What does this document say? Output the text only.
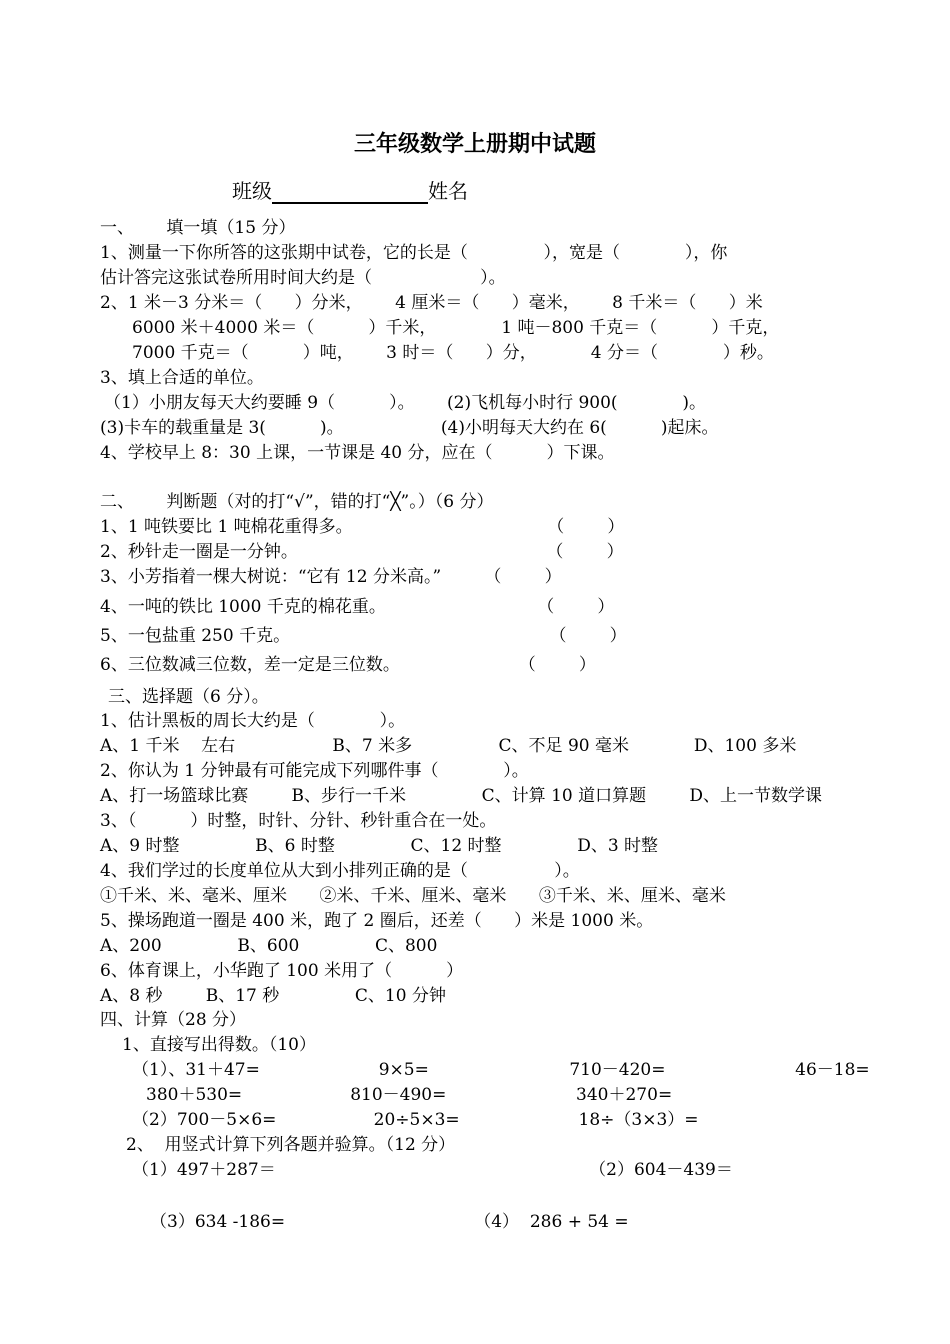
三年级数学上册期中试题
班级	姓名
一、      填一填（15 分）
1、测量一下你所答的这张期中试卷，它的长是（              ），宽是（            ），你
估计答完这张试卷所用时间大约是（                    ）。
2、1 米－3 分米＝（      ）分米，      4 厘米＝（      ）毫米，      8 千米＝（      ）米
6000 米＋4000 米＝（          ）千米，            1 吨－800 千克＝（          ）千克，
7000 千克＝（          ）吨，      3 时＝（      ）分，          4 分＝（            ）秒。
3、填上合适的单位。
（1）小朋友每天大约要睡 9（          ）。      (2)飞机每小时行 900(            )。
(3)卡车的载重量是 3(          )。                  (4)小明每天大约在 6(          )起床。
4、学校早上 8：30 上课，一节课是 40 分，应在（          ）下课。
二、      判断题（对的打“√”，错的打“╳”。）（6 分）
1、1 吨铁要比 1 吨棉花重得多。                                    （        ）
2、秒针走一圈是一分钟。                                              （        ）
3、小芳指着一棵大树说：“它有 12 分米高。”        （        ）
4、一吨的铁比 1000 千克的棉花重。                            （        ）
5、一包盐重 250 千克。                                                （        ）
6、三位数减三位数，差一定是三位数。                      （        ）
三、选择题（6 分）。
1、估计黑板的周长大约是（            ）。
A、1 千米    左右                  B、7 米多                C、不足 90 毫米            D、100 多米
2、你认为 1 分钟最有可能完成下列哪件事（            ）。
A、打一场篮球比赛        B、步行一千米              C、计算 10 道口算题        D、上一节数学课
3、（          ）时整，时针、分针、秒针重合在一处。
A、9 时整              B、6 时整              C、12 时整              D、3 时整
4、我们学过的长度单位从大到小排列正确的是（                ）。
①千米、米、毫米、厘米      ②米、千米、厘米、毫米      ③千米、米、厘米、毫米
5、操场跑道一圈是 400 米，跑了 2 圈后，还差（      ）米是 1000 米。
A、200              B、600              C、800
6、体育课上，小华跑了 100 米用了（          ）
A、8 秒        B、17 秒              C、10 分钟
四、计算（28 分）
1、直接写出得数。（10）
（1）、31＋47=                      9×5=                          710－420=                        46－18=
380＋530=                    810－490=                        340＋270=
（2）700－5×6=                  20÷5×3=                      18÷（3×3）=
2、  用竖式计算下列各题并验算。（12 分）
（1）497＋287＝                                                          （2）604－439＝
（3）634 -186=                                   （4）  286 + 54 =
